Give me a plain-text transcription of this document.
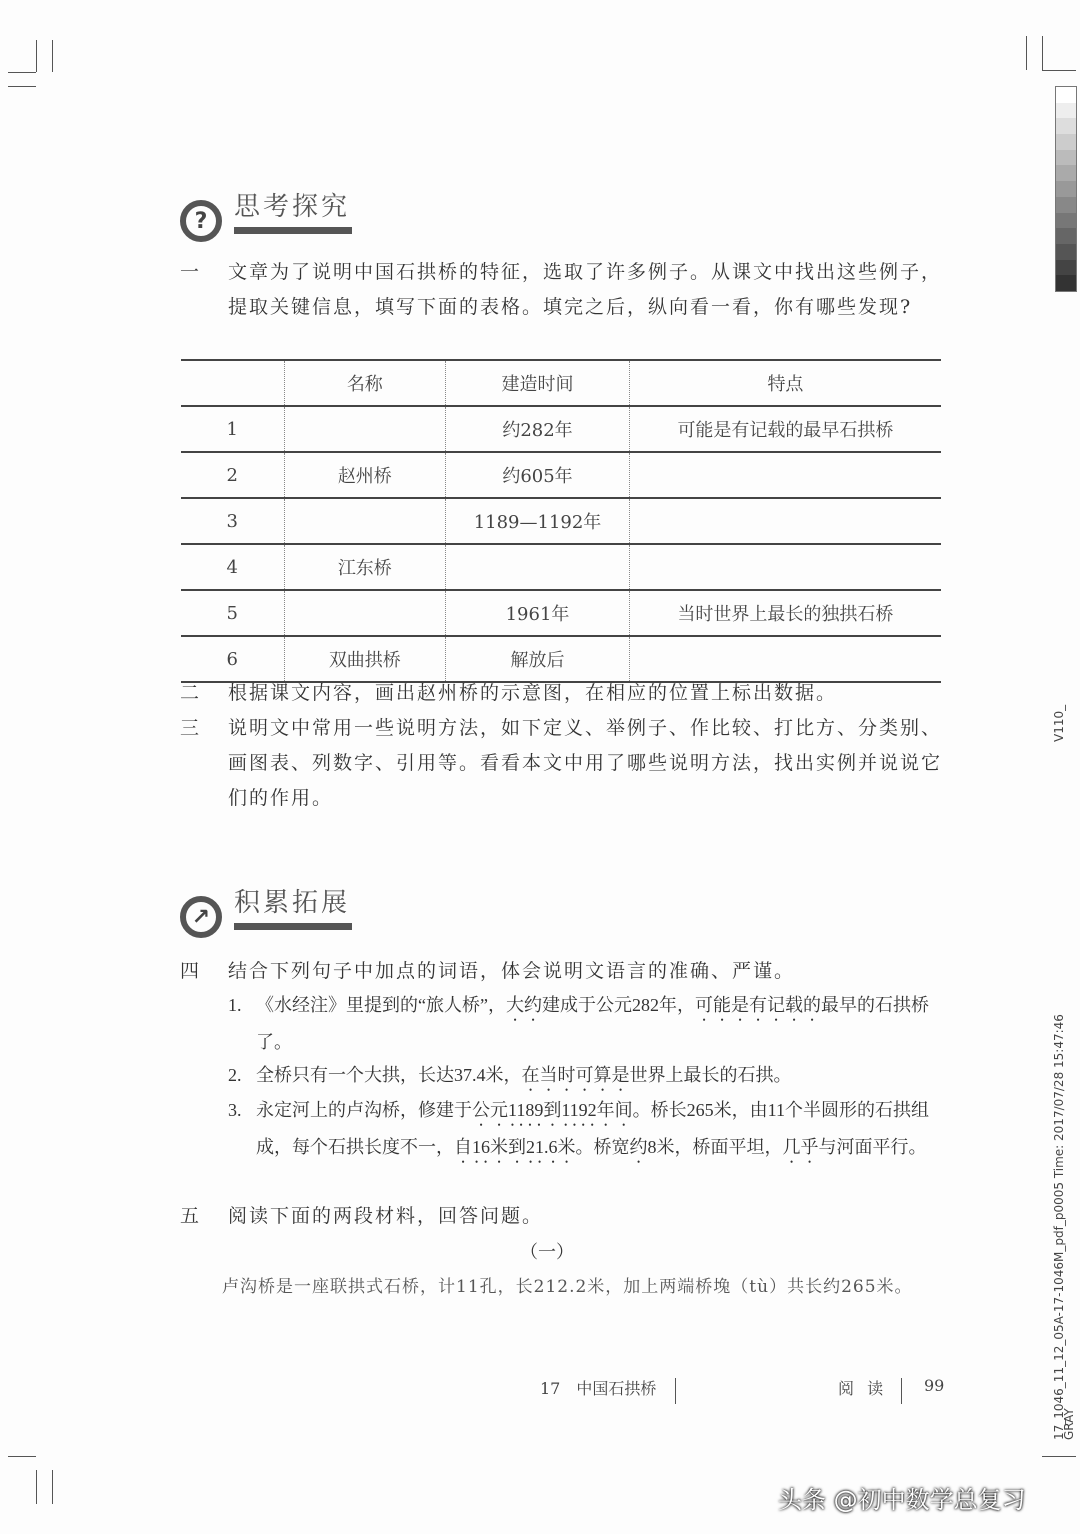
?	思考探究
一 文章为了说明中国石拱桥的特征，选取了许多例子。从课文中找出这些例子，提取关键信息，填写下面的表格。填完之后，纵向看一看，你有哪些发现?
	名称	建造时间	特点
1		约282年	可能是有记载的最早石拱桥
2	赵州桥	约605年	
3		1189—1192年	
4	江东桥		
5		1961年	当时世界上最长的独拱石桥
6	双曲拱桥	解放后	
二 根据课文内容，画出赵州桥的示意图，在相应的位置上标出数据。
三 说明文中常用一些说明方法，如下定义、举例子、作比较、打比方、分类别、画图表、列数字、引用等。看看本文中用了哪些说明方法，找出实例并说说它们的作用。
↗ 积累拓展
四 结合下列句子中加点的词语，体会说明文语言的准确、严谨。
1. 《水经注》里提到的“旅人桥”，大约建成于公元282年，可能是有记载的最早的石拱桥了。
2. 全桥只有一个大拱，长达37.4米，在当时可算是世界上最长的石拱。
3. 永定河上的卢沟桥，修建于公元1189到1192年间。桥长265米，由11个半圆形的石拱组成，每个石拱长度不一，自16米到21.6米。桥宽约8米，桥面平坦，几乎与河面平行。
五 阅读下面的两段材料，回答问题。
（一）
卢沟桥是一座联拱式石桥，计11孔，长212.2米，加上两端桥堍（tù）共长约265米。
17　中国石拱桥	阅 读 99
V110_
17_1046_11_12_05A-17-1046M_pdf_p0005 Time: 2017/07/28 15:47:46
GRAY
头条 @初中数学总复习
